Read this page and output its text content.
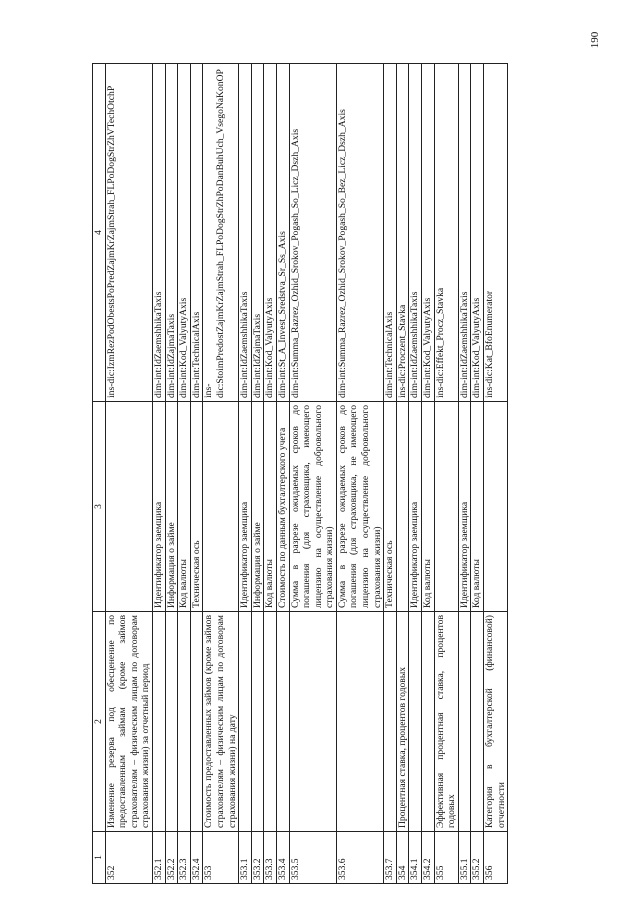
190
1	2	3	4
352	Изменение резерва под обесценение по предоставленным займам (кроме займов страхователям – физическим лицам по договорам страхования жизни) за отчетный период		ins-dic:IzmRezPodObestsPoPredZajmKrZajmStrah_FLPoDogStrZhVTechOtchP
352.1		Идентификатор заемщика	dim-int:IdZaemshhikaTaxis
352.2		Информация о займе	dim-int:IdZajmaTaxis
352.3		Код валюты	dim-int:Kod_ValyutyAxis
352.4		Техническая ось	dim-int:TechnicalAxis
353	Стоимость предоставленных займов (кроме займов страхователям – физическим лицам по договорам страхования жизни) на дату		ins-dic:StoimPredostZajmKrZajmStrah_FLPoDogStrZhPoDanBuhUch_VsegoNaKonOP
353.1		Идентификатор заемщика	dim-int:IdZaemshhikaTaxis
353.2		Информация о займе	dim-int:IdZajmaTaxis
353.3		Код валюты	dim-int:Kod_ValyutyAxis
353.4		Стоимость по данным бухгалтерского учета	dim-int:St_A_Invest_Sredstva_Sr_Ss_Axis
353.5		Сумма в разрезе ожидаемых сроков до погашения (для страховщика, имеющего лицензию на осуществление добровольного страхования жизни)	dim-int:Summa_Razrez_Ozhid_Srokov_Pogash_So_Licz_Dszh_Axis
353.6		Сумма в разрезе ожидаемых сроков до погашения (для страховщика, не имеющего лицензию на осуществление добровольного страхования жизни)	dim-int:Summa_Razrez_Ozhid_Srokov_Pogash_So_Bez_Licz_Dszh_Axis
353.7		Техническая ось	dim-int:TechnicalAxis
354	Процентная ставка, процентов годовых		ins-dic:Proczent_Stavka
354.1		Идентификатор заемщика	dim-int:IdZaemshhikaTaxis
354.2		Код валюты	dim-int:Kod_ValyutyAxis
355	Эффективная процентная ставка, процентов годовых		ins-dic:Effekt_Procz_Stavka
355.1		Идентификатор заемщика	dim-int:IdZaemshhikaTaxis
355.2		Код валюты	dim-int:Kod_ValyutyAxis
356	Категория в бухгалтерской (финансовой) отчетности		ins-dic:Kat_BfoEnumerator
